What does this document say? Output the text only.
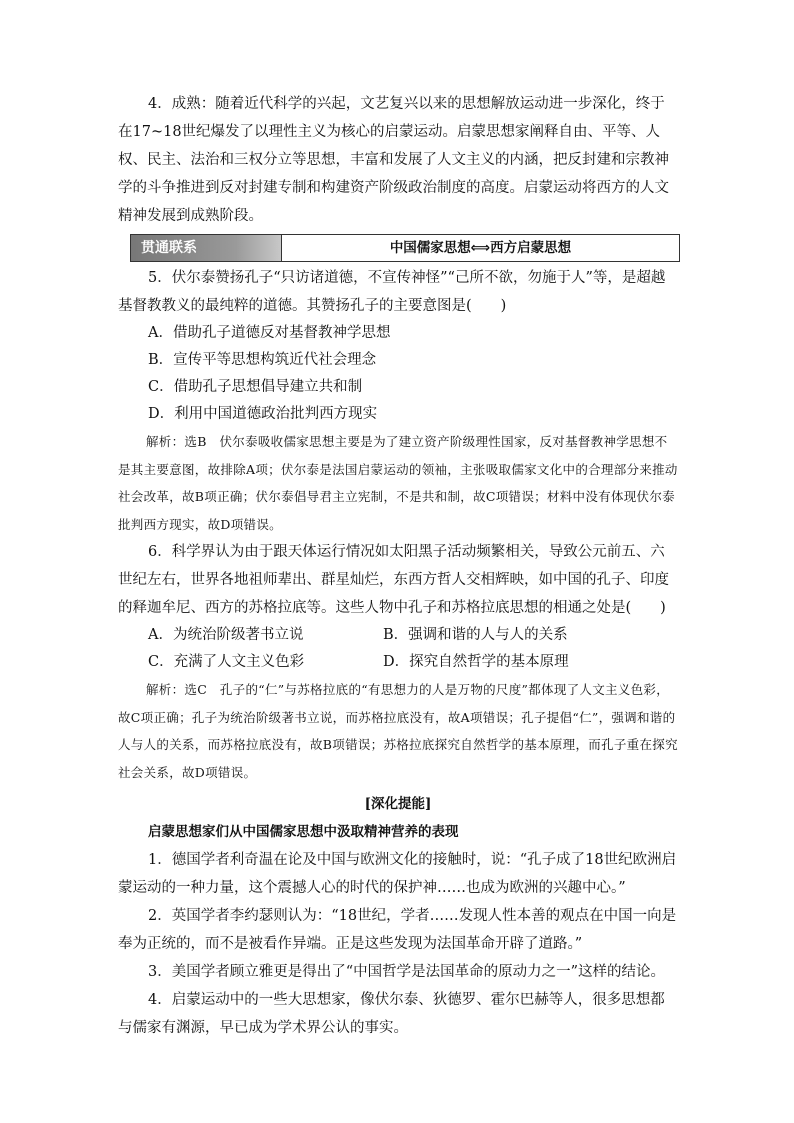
4．成熟：随着近代科学的兴起，文艺复兴以来的思想解放运动进一步深化，终于在17~18世纪爆发了以理性主义为核心的启蒙运动。启蒙思想家阐释自由、平等、人权、民主、法治和三权分立等思想，丰富和发展了人文主义的内涵，把反封建和宗教神学的斗争推进到反对封建专制和构建资产阶级政治制度的高度。启蒙运动将西方的人文精神发展到成熟阶段。

贯通联系	中国儒家思想⟺西方启蒙思想

5．伏尔泰赞扬孔子“只访诸道德，不宣传神怪”“己所不欲，勿施于人”等，是超越基督教教义的最纯粹的道德。其赞扬孔子的主要意图是(　　)

A．借助孔子道德反对基督教神学思想

B．宣传平等思想构筑近代社会理念

C．借助孔子思想倡导建立共和制

D．利用中国道德政治批判西方现实

解析：选B　伏尔泰吸收儒家思想主要是为了建立资产阶级理性国家，反对基督教神学思想不是其主要意图，故排除A项；伏尔泰是法国启蒙运动的领袖，主张吸取儒家文化中的合理部分来推动社会改革，故B项正确；伏尔泰倡导君主立宪制，不是共和制，故C项错误；材料中没有体现伏尔泰批判西方现实，故D项错误。

6．科学界认为由于跟天体运行情况如太阳黑子活动频繁相关，导致公元前五、六世纪左右，世界各地祖师辈出、群星灿烂，东西方哲人交相辉映，如中国的孔子、印度的释迦牟尼、西方的苏格拉底等。这些人物中孔子和苏格拉底思想的相通之处是(　　)

A．为统治阶级著书立说	B．强调和谐的人与人的关系
C．充满了人文主义色彩	D．探究自然哲学的基本原理

解析：选C　孔子的“仁”与苏格拉底的“有思想力的人是万物的尺度”都体现了人文主义色彩，故C项正确；孔子为统治阶级著书立说，而苏格拉底没有，故A项错误；孔子提倡“仁”，强调和谐的人与人的关系，而苏格拉底没有，故B项错误；苏格拉底探究自然哲学的基本原理，而孔子重在探究社会关系，故D项错误。

[深化提能]

启蒙思想家们从中国儒家思想中汲取精神营养的表现

1．德国学者利奇温在论及中国与欧洲文化的接触时，说：“孔子成了18世纪欧洲启蒙运动的一种力量，这个震撼人心的时代的保护神……也成为欧洲的兴趣中心。”

2．英国学者李约瑟则认为：“18世纪，学者……发现人性本善的观点在中国一向是奉为正统的，而不是被看作异端。正是这些发现为法国革命开辟了道路。”

3．美国学者顾立雅更是得出了“中国哲学是法国革命的原动力之一”这样的结论。

4．启蒙运动中的一些大思想家，像伏尔泰、狄德罗、霍尔巴赫等人，很多思想都与儒家有渊源，早已成为学术界公认的事实。
